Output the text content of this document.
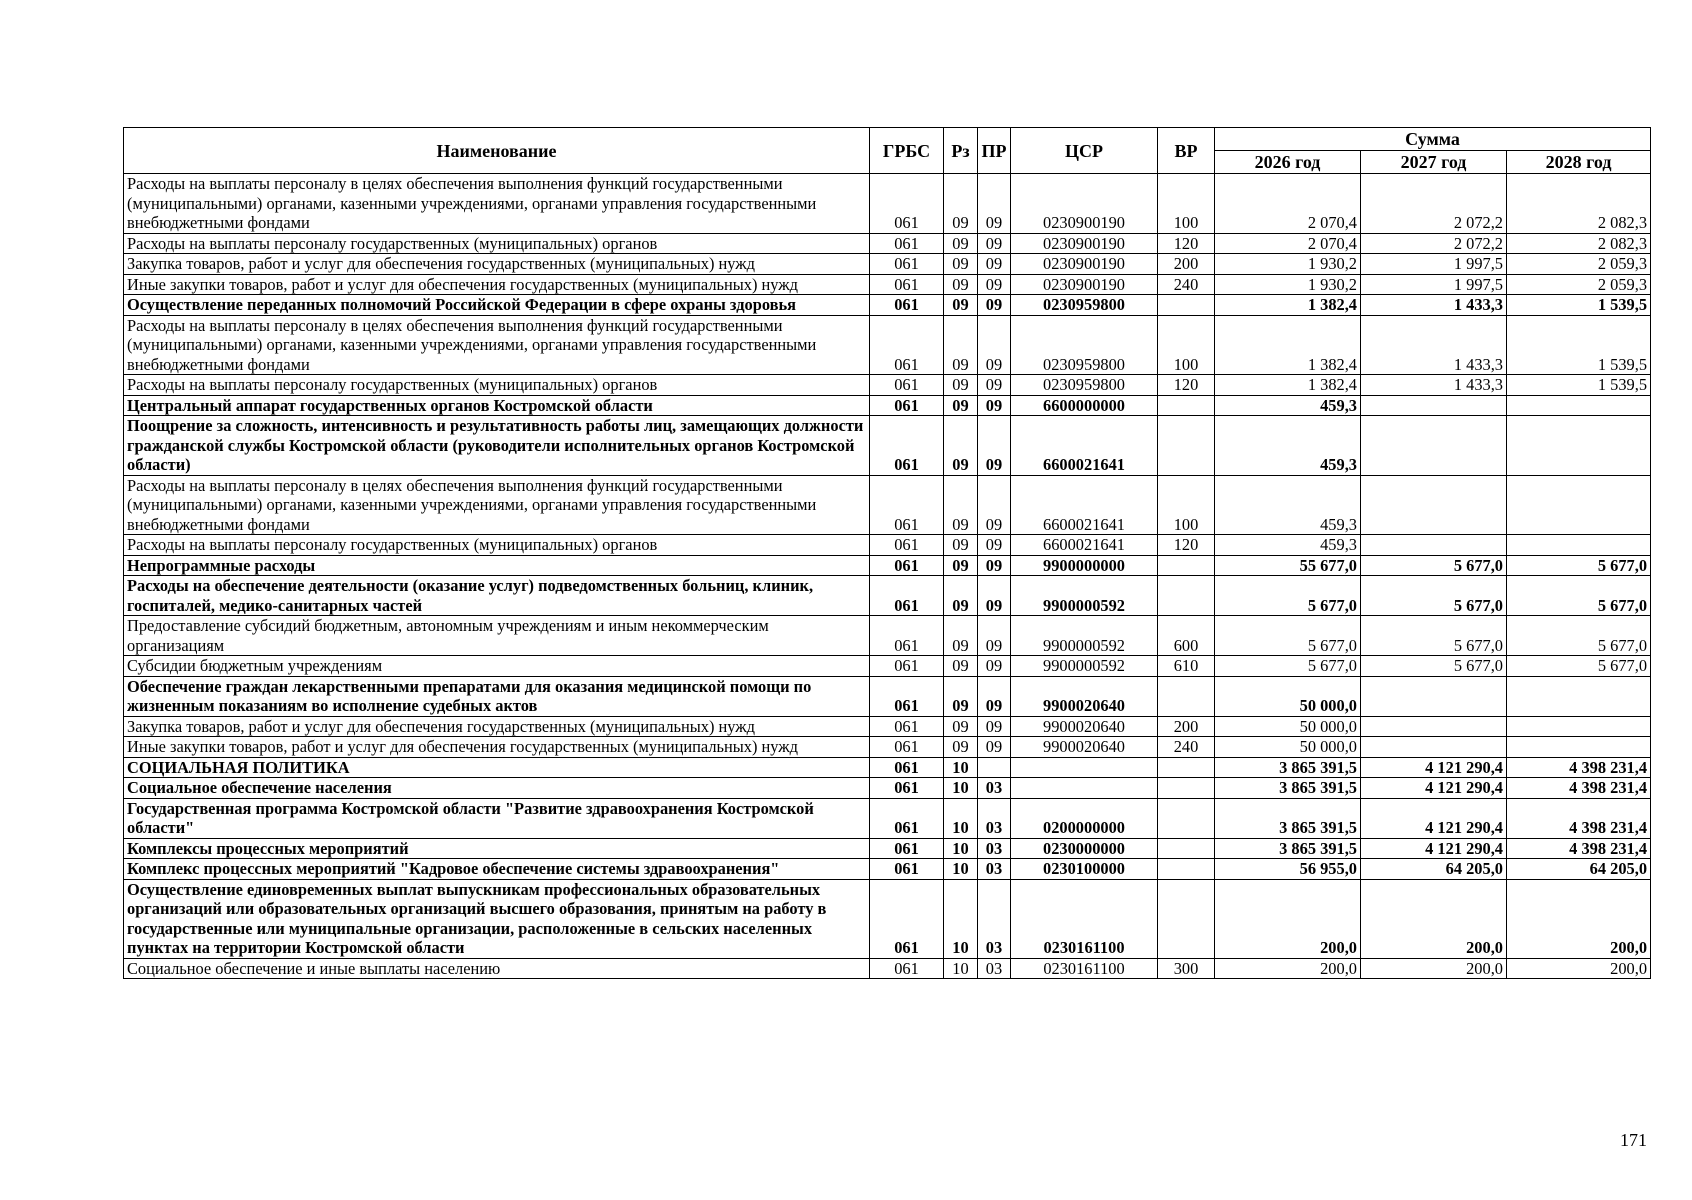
Наименование	ГРБС	Рз	ПР	ЦСР	ВР	Сумма		
						2026 год	2027 год	2028 год
Расходы на выплаты персоналу в целях обеспечения выполнения функций государственными (муниципальными) органами, казенными учреждениями, органами управления государственными внебюджетными фондами	061	09	09	0230900190	100	2 070,4	2 072,2	2 082,3
Расходы на выплаты персоналу государственных (муниципальных) органов	061	09	09	0230900190	120	2 070,4	2 072,2	2 082,3
Закупка товаров, работ и услуг для обеспечения государственных (муниципальных) нужд	061	09	09	0230900190	200	1 930,2	1 997,5	2 059,3
Иные закупки товаров, работ и услуг для обеспечения государственных (муниципальных) нужд	061	09	09	0230900190	240	1 930,2	1 997,5	2 059,3
Осуществление переданных полномочий Российской Федерации в сфере охраны здоровья	061	09	09	0230959800		1 382,4	1 433,3	1 539,5
Расходы на выплаты персоналу в целях обеспечения выполнения функций государственными (муниципальными) органами, казенными учреждениями, органами управления государственными внебюджетными фондами	061	09	09	0230959800	100	1 382,4	1 433,3	1 539,5
Расходы на выплаты персоналу государственных (муниципальных) органов	061	09	09	0230959800	120	1 382,4	1 433,3	1 539,5
Центральный аппарат государственных органов Костромской области	061	09	09	6600000000		459,3		
Поощрение за сложность, интенсивность и результативность работы лиц, замещающих должности гражданской службы Костромской области (руководители исполнительных органов Костромской области)	061	09	09	6600021641		459,3		
Расходы на выплаты персоналу в целях обеспечения выполнения функций государственными (муниципальными) органами, казенными учреждениями, органами управления государственными внебюджетными фондами	061	09	09	6600021641	100	459,3		
Расходы на выплаты персоналу государственных (муниципальных) органов	061	09	09	6600021641	120	459,3		
Непрограммные расходы	061	09	09	9900000000		55 677,0	5 677,0	5 677,0
Расходы на обеспечение деятельности (оказание услуг) подведомственных больниц, клиник, госпиталей, медико-санитарных частей	061	09	09	9900000592		5 677,0	5 677,0	5 677,0
Предоставление субсидий бюджетным, автономным учреждениям и иным некоммерческим организациям	061	09	09	9900000592	600	5 677,0	5 677,0	5 677,0
Субсидии бюджетным учреждениям	061	09	09	9900000592	610	5 677,0	5 677,0	5 677,0
Обеспечение граждан лекарственными препаратами для оказания медицинской помощи по жизненным показаниям во исполнение судебных актов	061	09	09	9900020640		50 000,0		
Закупка товаров, работ и услуг для обеспечения государственных (муниципальных) нужд	061	09	09	9900020640	200	50 000,0		
Иные закупки товаров, работ и услуг для обеспечения государственных (муниципальных) нужд	061	09	09	9900020640	240	50 000,0		
СОЦИАЛЬНАЯ ПОЛИТИКА	061	10				3 865 391,5	4 121 290,4	4 398 231,4
Социальное обеспечение населения	061	10	03			3 865 391,5	4 121 290,4	4 398 231,4
Государственная программа Костромской области "Развитие здравоохранения Костромской области"	061	10	03	0200000000		3 865 391,5	4 121 290,4	4 398 231,4
Комплексы процессных мероприятий	061	10	03	0230000000		3 865 391,5	4 121 290,4	4 398 231,4
Комплекс процессных мероприятий "Кадровое обеспечение системы здравоохранения"	061	10	03	0230100000		56 955,0	64 205,0	64 205,0
Осуществление единовременных выплат выпускникам профессиональных образовательных организаций или образовательных организаций высшего образования, принятым на работу в государственные или муниципальные организации, расположенные в сельских населенных пунктах на территории Костромской области	061	10	03	0230161100		200,0	200,0	200,0
Социальное обеспечение и иные выплаты населению	061	10	03	0230161100	300	200,0	200,0	200,0
171
